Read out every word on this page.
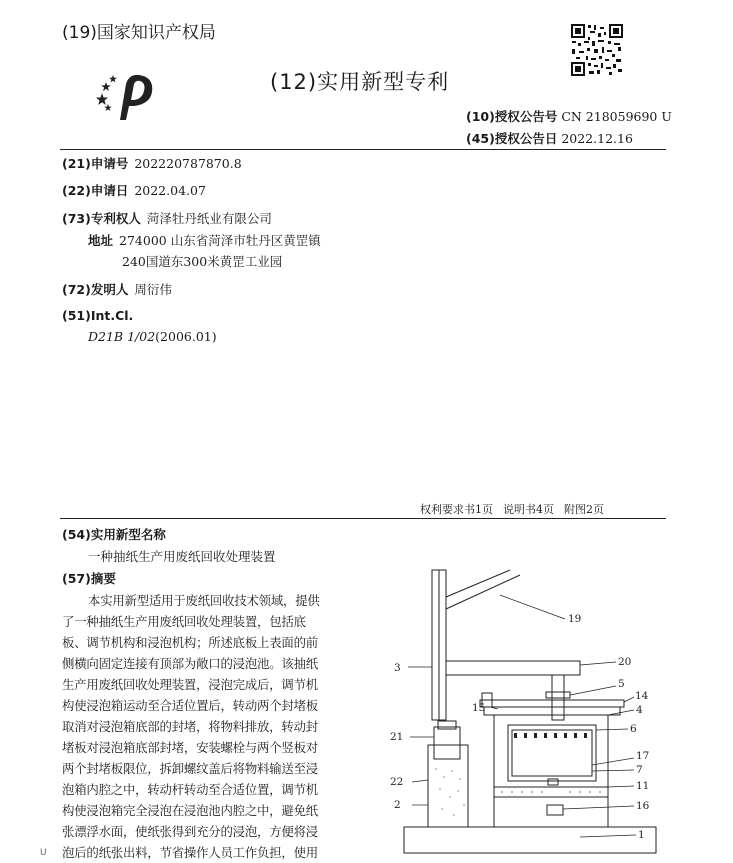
(19)国家知识产权局
(12)实用新型专利
(10)授权公告号 CN 218059690 U
(45)授权公告日 2022.12.16
(21)申请号 202220787870.8
(22)申请日 2022.04.07
(73)专利权人 菏泽牡丹纸业有限公司
地址 274000 山东省菏泽市牡丹区黄罡镇
240国道东300米黄罡工业园
(72)发明人 周衍伟
(51)Int.Cl.
D21B 1/02(2006.01)
权利要求书1页 说明书4页 附图2页
(54)实用新型名称
一种抽纸生产用废纸回收处理装置
(57)摘要
本实用新型适用于废纸回收技术领域，提供
了一种抽纸生产用废纸回收处理装置，包括底
板、调节机构和浸泡机构；所述底板上表面的前
侧横向固定连接有顶部为敞口的浸泡池。该抽纸
生产用废纸回收处理装置，浸泡完成后，调节机
构使浸泡箱运动至合适位置后，转动两个封堵板
取消对浸泡箱底部的封堵，将物料排放，转动封
堵板对浸泡箱底部封堵，安装螺栓与两个竖板对
两个封堵板限位，拆卸螺纹盖后将物料输送至浸
泡箱内腔之中，转动杆转动至合适位置，调节机
构使浸泡箱完全浸泡在浸泡池内腔之中，避免纸
张漂浮水面，使纸张得到充分的浸泡，方便将浸
泡后的纸张出料，节省操作人员工作负担，使用
19
3	20
5
14
15	4
21
6
17
7
22	11
2	16
1
U
